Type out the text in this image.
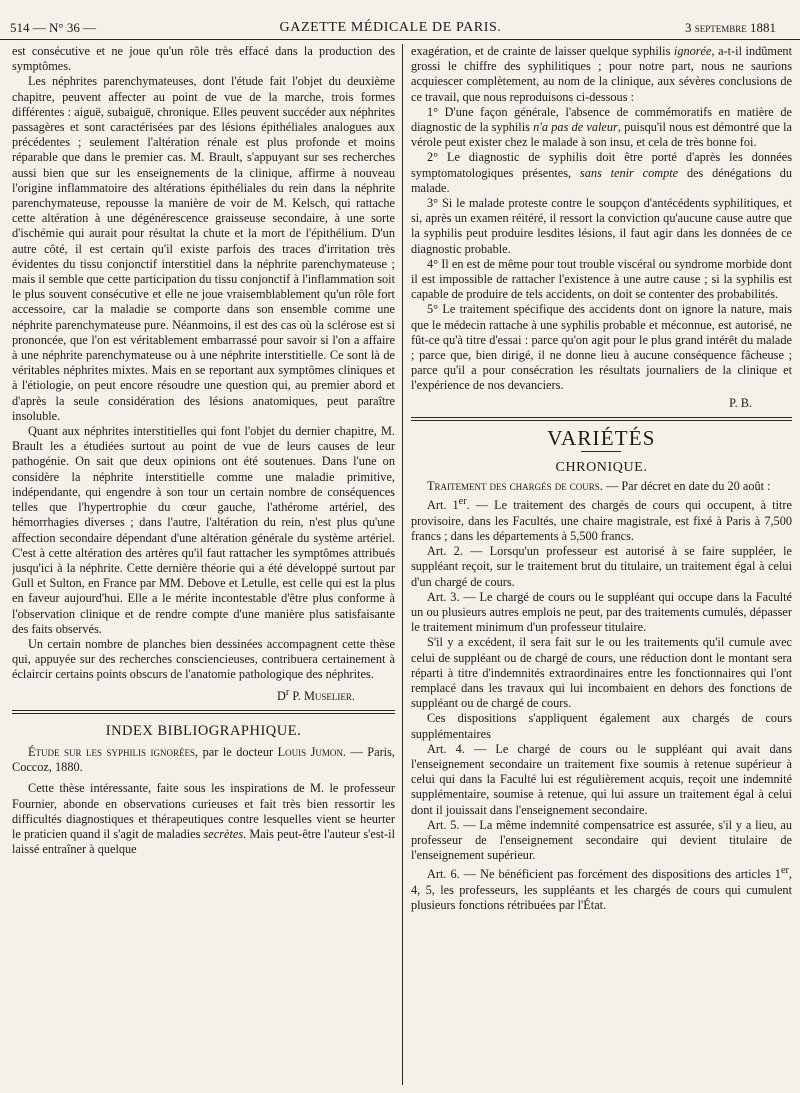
514 — N° 36 —	GAZETTE MÉDICALE DE PARIS.	3 septembre 1881

est consécutive et ne joue qu'un rôle très effacé dans la production des symptômes.

Les néphrites parenchymateuses, dont l'étude fait l'objet du deuxième chapitre, peuvent affecter au point de vue de la marche, trois formes différentes : aiguë, subaiguë, chronique. Elles peuvent succéder aux néphrites passagères et sont caractérisées par des lésions épithéliales analogues aux précédentes ; seulement l'altération rénale est plus profonde et moins réparable que dans le premier cas. M. Brault, s'appuyant sur ses recherches aussi bien que sur les enseignements de la clinique, affirme à nouveau l'origine inflammatoire des altérations épithéliales du rein dans la néphrite parenchymateuse, repousse la manière de voir de M. Kelsch, qui rattache cette altération à une dégénérescence graisseuse secondaire, à une sorte d'ischémie qui aurait pour résultat la chute et la mort de l'épithélium. D'un autre côté, il est certain qu'il existe parfois des traces d'irritation très évidentes du tissu conjonctif interstitiel dans la néphrite parenchymateuse ; mais il semble que cette participation du tissu conjonctif à l'inflammation soit le plus souvent consécutive et elle ne joue vraisemblablement qu'un rôle fort accessoire, car la maladie se comporte dans son ensemble comme une néphrite parenchymateuse pure. Néanmoins, il est des cas où la sclérose est si prononcée, que l'on est véritablement embarrassé pour savoir si l'on a affaire à une néphrite parenchymateuse ou à une néphrite interstitielle. Ce sont là de véritables néphrites mixtes. Mais en se reportant aux symptômes cliniques et à l'étiologie, on peut encore résoudre une question qui, au premier abord et d'après la seule considération des lésions anatomiques, peut paraître insoluble.

Quant aux néphrites interstitielles qui font l'objet du dernier chapitre, M. Brault les a étudiées surtout au point de vue de leurs causes de leur pathogénie. On sait que deux opinions ont été soutenues. Dans l'une on considère la néphrite interstitielle comme une maladie primitive, indépendante, qui engendre à son tour un certain nombre de conséquences telles que l'hypertrophie du cœur gauche, l'athérome artériel, des hémorrhagies diverses ; dans l'autre, l'altération du rein, n'est plus qu'une affection secondaire dépendant d'une altération générale du système artériel. C'est à cette altération des artères qu'il faut rattacher les symptômes attribués jusqu'ici à la néphrite. Cette dernière théorie qui a été développé surtout par Gull et Sulton, en France par MM. Debove et Letulle, est celle qui est la plus en faveur aujourd'hui. Elle a le mérite incontestable d'être plus conforme à l'observation clinique et de rendre compte d'une manière plus satisfaisante des faits observés.

Un certain nombre de planches bien dessinées accompagnent cette thèse qui, appuyée sur des recherches consciencieuses, contribuera certainement à éclaircir certains points obscurs de l'anatomie pathologique des néphrites.

$D^r$ P. Muselier.
INDEX BIBLIOGRAPHIQUE.

Étude sur les syphilis ignorées, par le docteur Louis Jumon. — Paris, Coccoz, 1880.

Cette thèse intéressante, faite sous les inspirations de M. le professeur Fournier, abonde en observations curieuses et fait très bien ressortir les difficultés diagnostiques et thérapeutiques contre lesquelles vient se heurter le praticien quand il s'agit de maladies secrètes. Mais peut-être l'auteur s'est-il laissé entraîner à quelque

exagération, et de crainte de laisser quelque syphilis ignorée, a-t-il indûment grossi le chiffre des syphilitiques ; pour notre part, nous ne saurions acquiescer complètement, au nom de la clinique, aux sévères conclusions de ce travail, que nous reproduisons ci-dessous :

1° D'une façon générale, l'absence de commémoratifs en matière de diagnostic de la syphilis n'a pas de valeur, puisqu'il nous est démontré que la vérole peut exister chez le malade à son insu, et cela de très bonne foi.

2° Le diagnostic de syphilis doit être porté d'après les données symptomatologiques présentes, sans tenir compte des dénégations du malade.

3° Si le malade proteste contre le soupçon d'antécédents syphilitiques, et si, après un examen réitéré, il ressort la conviction qu'aucune cause autre que la syphilis peut produire lesdites lésions, il faut agir dans les données de ce diagnostic probable.

4° Il en est de même pour tout trouble viscéral ou syndrome morbide dont il est impossible de rattacher l'existence à une autre cause ; si la syphilis est capable de produire de tels accidents, on doit se contenter des probabilités.

5° Le traitement spécifique des accidents dont on ignore la nature, mais que le médecin rattache à une syphilis probable et méconnue, est autorisé, ne fût-ce qu'à titre d'essai : parce qu'on agit pour le plus grand intérêt du malade ; parce que, bien dirigé, il ne donne lieu à aucune conséquence fâcheuse ; parce qu'il a pour consécration les résultats journaliers de la clinique et l'expérience de nos devanciers.

P. B.
VARIÉTÉS
CHRONIQUE.

Traitement des chargés de cours. — Par décret en date du 20 août :

Art. 1er. — Le traitement des chargés de cours qui occupent, à titre provisoire, dans les Facultés, une chaire magistrale, est fixé à Paris à 7,500 francs ; dans les départements à 5,500 francs.

Art. 2. — Lorsqu'un professeur est autorisé à se faire suppléer, le suppléant reçoit, sur le traitement brut du titulaire, un traitement égal à celui d'un chargé de cours.

Art. 3. — Le chargé de cours ou le suppléant qui occupe dans la Faculté un ou plusieurs autres emplois ne peut, par des traitements cumulés, dépasser le traitement minimum d'un professeur titulaire.

S'il y a excédent, il sera fait sur le ou les traitements qu'il cumule avec celui de suppléant ou de chargé de cours, une réduction dont le montant sera réparti à titre d'indemnités extraordinaires entre les fonctionnaires qui l'ont remplacé dans les travaux qui lui incombaient en dehors des fonctions de suppléant ou de chargé de cours.

Ces dispositions s'appliquent également aux chargés de cours supplémentaires

Art. 4. — Le chargé de cours ou le suppléant qui avait dans l'enseignement secondaire un traitement fixe soumis à retenue supérieur à celui qui dans la Faculté lui est régulièrement acquis, reçoit une indemnité supplémentaire, soumise à retenue, qui lui assure un traitement égal à celui dont il jouissait dans l'enseignement secondaire.

Art. 5. — La même indemnité compensatrice est assurée, s'il y a lieu, au professeur de l'enseignement secondaire qui devient titulaire de l'enseignement supérieur.

Art. 6. — Ne bénéficient pas forcément des dispositions des articles 1er, 4, 5, les professeurs, les suppléants et les chargés de cours qui cumulent plusieurs fonctions rétribuées par l'État.
